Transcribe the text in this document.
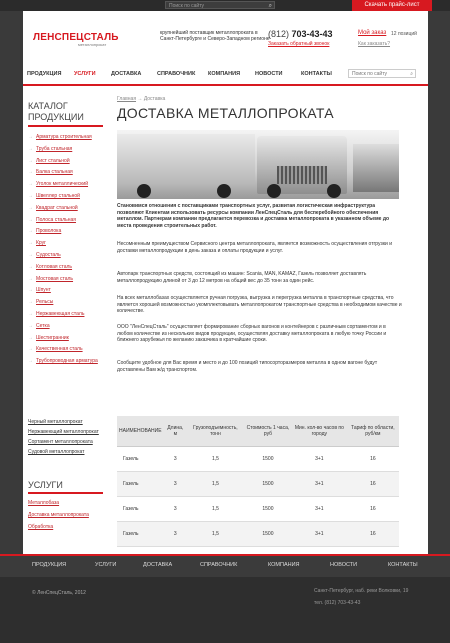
Поиск по сайту	⌕	Скачать прайс-лист
ЛЕНСПЕЦСТАЛЬ
металлопрокат
крупнейший поставщик металлопроката в Санкт-Петербурге и Северо-Западном регионе
(812) 703-43-43
Заказать обратный звонок
Мой заказ 12 позиций
Как заказать?
ПРОДУКЦИЯ УСЛУГИ	ДОСТАВКА	СПРАВОЧНИК КОМПАНИЯ	НОВОСТИ	КОНТАКТЫ	Поиск по сайту	⌕
КАТАЛОГ
ПРОДУКЦИИ
→ Арматура строительная
→ Труба стальная
→ Лист стальной
→ Балка стальная
→ Уголок металлический
→ Швеллер стальной
→ Квадрат стальной
→ Полоса стальная
→ Проволока
→ Круг
→ Судосталь
→ Котловая сталь
→ Мостовая сталь
→ Шпунт
→ Рельсы
→ Нержавеющая сталь
→ Сетка
→ Шестигранник
→ Качественная сталь
→ Трубопроводная арматура
Черный металлопрокат
Нержавеющий металлопрокат
Сортамент металлопроката
Судовой металлопрокат
УСЛУГИ
Металлобаза
Доставка металлопроката
Обработка
Главная → Доставка
ДОСТАВКА МЕТАЛЛОПРОКАТА

Становимся отношения с поставщиками транспортных услуг, развитая логистическая инфраструктура позволяют Клиентам использовать ресурсы компании ЛенСпецСталь для бесперебойного обеспечения металлом. Партнерам компании предлагается перевозка и доставка металлопроката в указанном объеме до места проведения строительных работ.

Несомненным преимуществом Сервисного центра металлопроката, является возможность осуществления отгрузки и доставки металлопродукции в день заказа и оплаты продукции и услуг.

Автопарк транспортных средств, состоящий из машин: Scania, MAN, KAMAZ, Газель позволяет доставлять металлопродукцию длиной от 3 до 12 метров на общий вес до 35 тонн за один рейс.

На всех металлобазах осуществляется ручная погрузка, выгрузка и перегрузка металла в транспортные средства, что является хорошей возможностью укомплектовывать металлопрокатом транспортные средства в необходимом качестве и количестве.

ООО "ЛенСпецСталь" осуществляет формирование сборных вагонов и контейнеров с различным сортаментом и в любом количестве из нескольких видов продукции, осуществляя доставку металлопроката в любую точку России и ближнего зарубежья по желанию заказчика в кратчайшие сроки.

Сообщите удобное для Вас время и место и до 100 позиций типосорторазмеров металла в одном вагоне будут доставлены Вам ж/д транспортом.

НАИМЕНОВАНИЕ	Длина, м	Грузоподъемность, тонн	Стоимость 1 часа, руб	Мин. кол-во часов по городу	Тариф по области, руб/км
Газель	3	1,5	1500	3+1	16
Газель	3	1,5	1500	3+1	16
Газель	3	1,5	1500	3+1	16
Газель	3	1,5	1500	3+1	16
ПРОДУКЦИЯ	УСЛУГИ	ДОСТАВКА	СПРАВОЧНИК	КОМПАНИЯ	НОВОСТИ	КОНТАКТЫ
© ЛенСпецСталь, 2012	Санкт-Петербург, наб. реки Волковки, 19
тел. (812) 703-43-43
